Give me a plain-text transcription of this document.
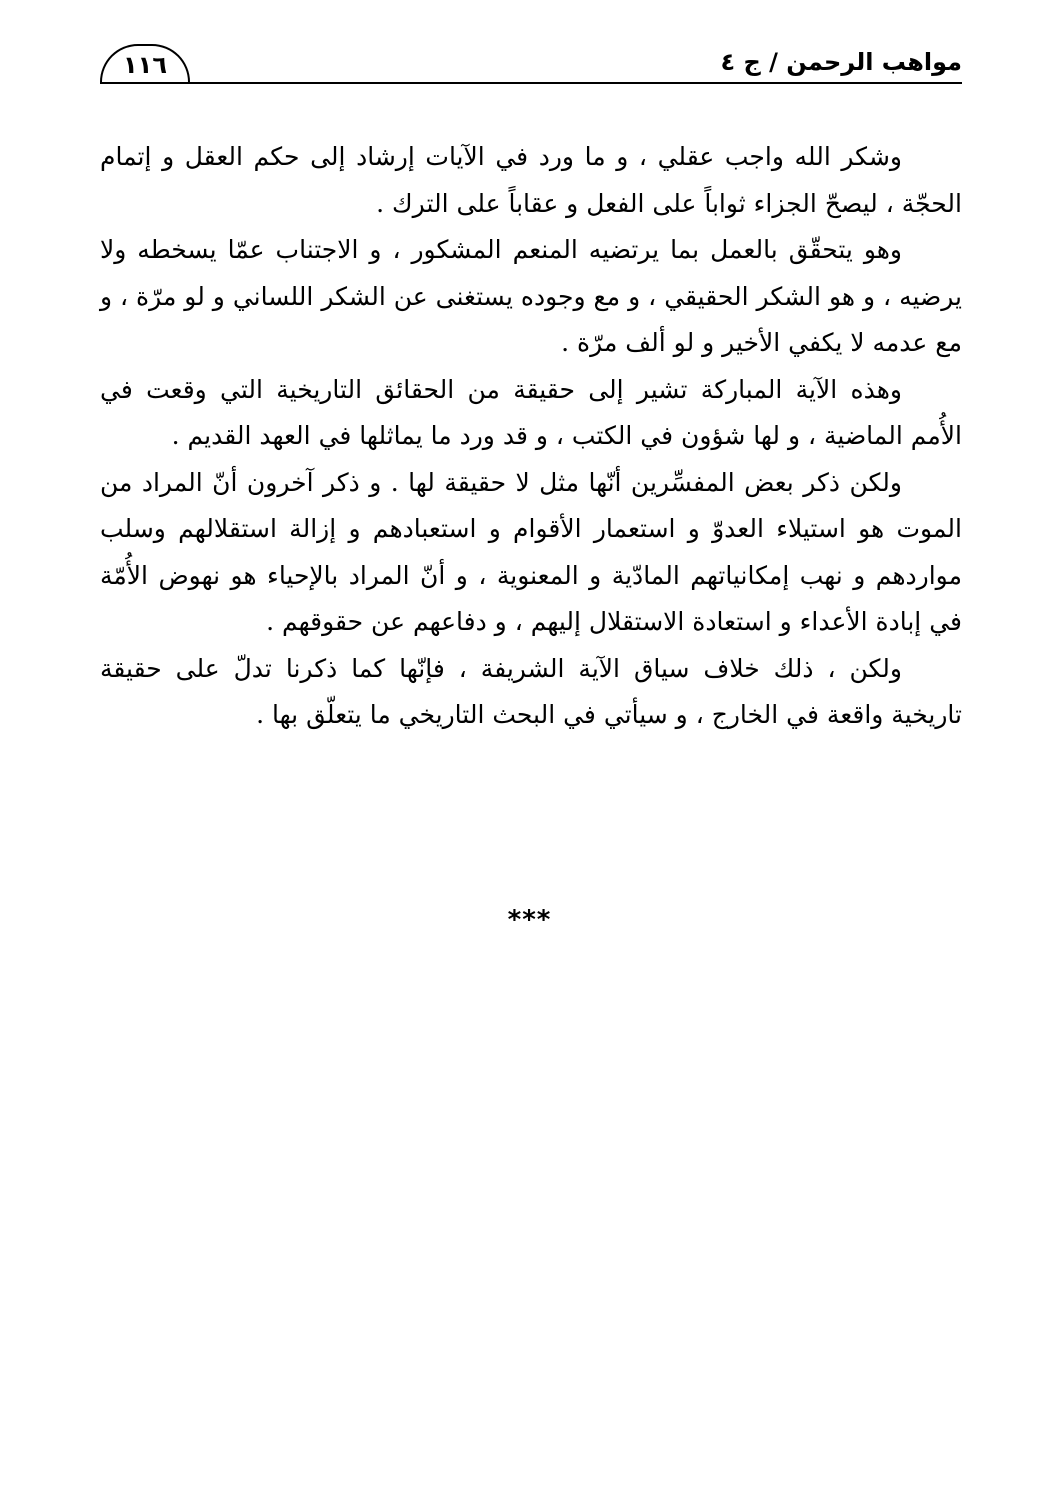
مواهب الرحمن / ج ٤
١١٦

وشكر الله واجب عقلي ، و ما ورد في الآيات إرشاد إلى حكم العقل و إتمام الحجّة ، ليصحّ الجزاء ثواباً على الفعل و عقاباً على الترك .

وهو يتحقّق بالعمل بما يرتضيه المنعم المشكور ، و الاجتناب عمّا يسخطه ولا يرضيه ، و هو الشكر الحقيقي ، و مع وجوده يستغنى عن الشكر اللساني و لو مرّة ، و مع عدمه لا يكفي الأخير و لو ألف مرّة .

وهذه الآية المباركة تشير إلى حقيقة من الحقائق التاريخية التي وقعت في الأُمم الماضية ، و لها شؤون في الكتب ، و قد ورد ما يماثلها في العهد القديم .

ولكن ذكر بعض المفسِّرين أنّها مثل لا حقيقة لها . و ذكر آخرون أنّ المراد من الموت هو استيلاء العدوّ و استعمار الأقوام و استعبادهم و إزالة استقلالهم وسلب مواردهم و نهب إمكانياتهم المادّية و المعنوية ، و أنّ المراد بالإحياء هو نهوض الأُمّة في إبادة الأعداء و استعادة الاستقلال إليهم ، و دفاعهم عن حقوقهم .

ولكن ، ذلك خلاف سياق الآية الشريفة ، فإنّها كما ذكرنا تدلّ على حقيقة تاريخية واقعة في الخارج ، و سيأتي في البحث التاريخي ما يتعلّق بها .

***
